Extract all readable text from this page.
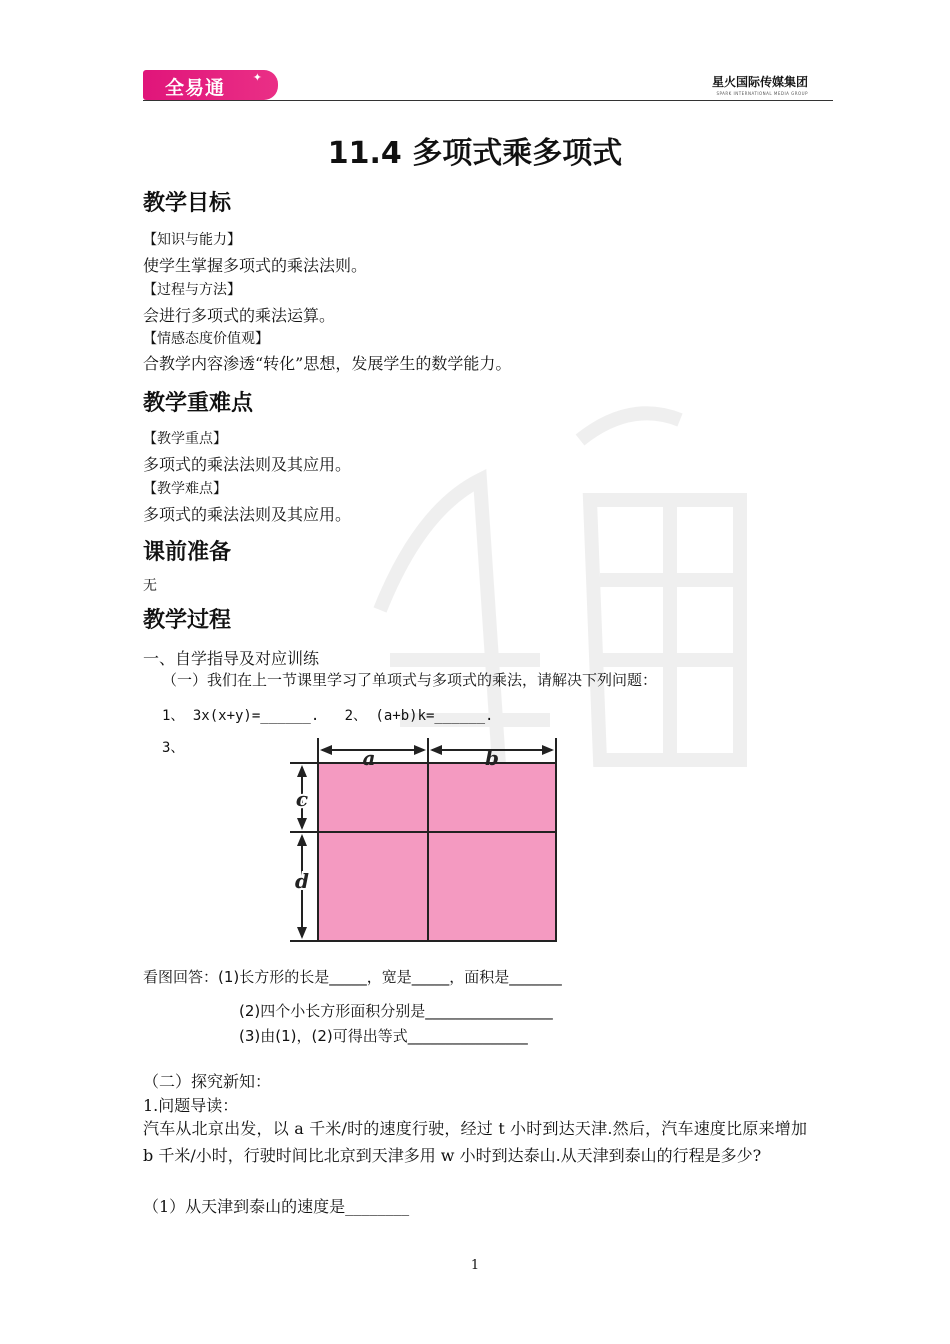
全易通	✦	星火国际传媒集团
SPARK INTERNATIONAL MEDIA GROUP
11.4 多项式乘多项式
教学目标
【知识与能力】
使学生掌握多项式的乘法法则。
【过程与方法】
会进行多项式的乘法运算。
【情感态度价值观】
合教学内容渗透“转化”思想，发展学生的数学能力。
教学重难点
【教学重点】
多项式的乘法法则及其应用。
【教学难点】
多项式的乘法法则及其应用。
课前准备
无
教学过程
一、自学指导及对应训练
（一）我们在上一节课里学习了单项式与多项式的乘法，请解决下列问题：
1、 3x(x+y)=______.   2、 (a+b)k=______.
3、	a	b
c
d
看图回答：(1)长方形的长是_____，宽是_____，面积是_______
(2)四个小长方形面积分别是_________________
(3)由(1)，(2)可得出等式________________
（二）探究新知：
1.问题导读：
汽车从北京出发，以 a 千米/时的速度行驶，经过 t 小时到达天津.然后，汽车速度比原来增加 b 千米/小时，行驶时间比北京到天津多用 w 小时到达泰山.从天津到泰山的行程是多少?
（1）从天津到泰山的速度是________
1
